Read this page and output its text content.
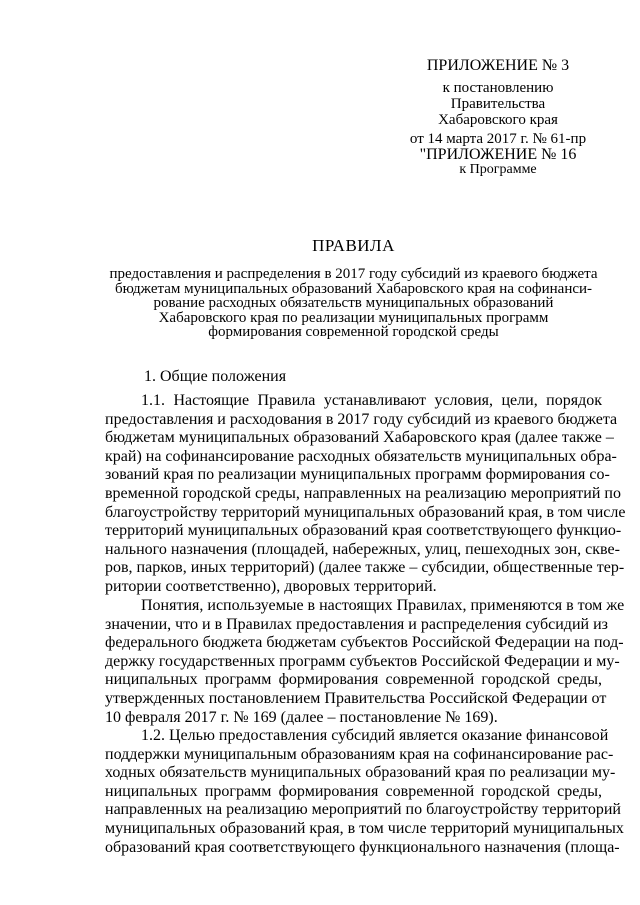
ПРИЛОЖЕНИЕ № 3
к постановлению
Правительства
Хабаровского края
от 14 марта 2017 г. № 61-пр
"ПРИЛОЖЕНИЕ № 16
к Программе
ПРАВИЛА
предоставления и распределения в 2017 году субсидий из краевого бюджета
бюджетам муниципальных образований Хабаровского края на софинанси-
рование расходных обязательств муниципальных образований
Хабаровского края по реализации муниципальных программ
формирования современной городской среды
1. Общие положения
1.1. Настоящие Правила устанавливают условия, цели, порядок
предоставления и расходования в 2017 году субсидий из краевого бюджета
бюджетам муниципальных образований Хабаровского края (далее также –
край) на софинансирование расходных обязательств муниципальных обра-
зований края по реализации муниципальных программ формирования со-
временной городской среды, направленных на реализацию мероприятий по
благоустройству территорий муниципальных образований края, в том числе
территорий муниципальных образований края соответствующего функцио-
нального назначения (площадей, набережных, улиц, пешеходных зон, скве-
ров, парков, иных территорий) (далее также – субсидии, общественные тер-
ритории соответственно), дворовых территорий.
Понятия, используемые в настоящих Правилах, применяются в том же
значении, что и в Правилах предоставления и распределения субсидий из
федерального бюджета бюджетам субъектов Российской Федерации на под-
держку государственных программ субъектов Российской Федерации и му-
ниципальных программ формирования современной городской среды,
утвержденных постановлением Правительства Российской Федерации от
10 февраля 2017 г. № 169 (далее – постановление № 169).
1.2. Целью предоставления субсидий является оказание финансовой
поддержки муниципальным образованиям края на софинансирование рас-
ходных обязательств муниципальных образований края по реализации му-
ниципальных программ формирования современной городской среды,
направленных на реализацию мероприятий по благоустройству территорий
муниципальных образований края, в том числе территорий муниципальных
образований края соответствующего функционального назначения (площа-
